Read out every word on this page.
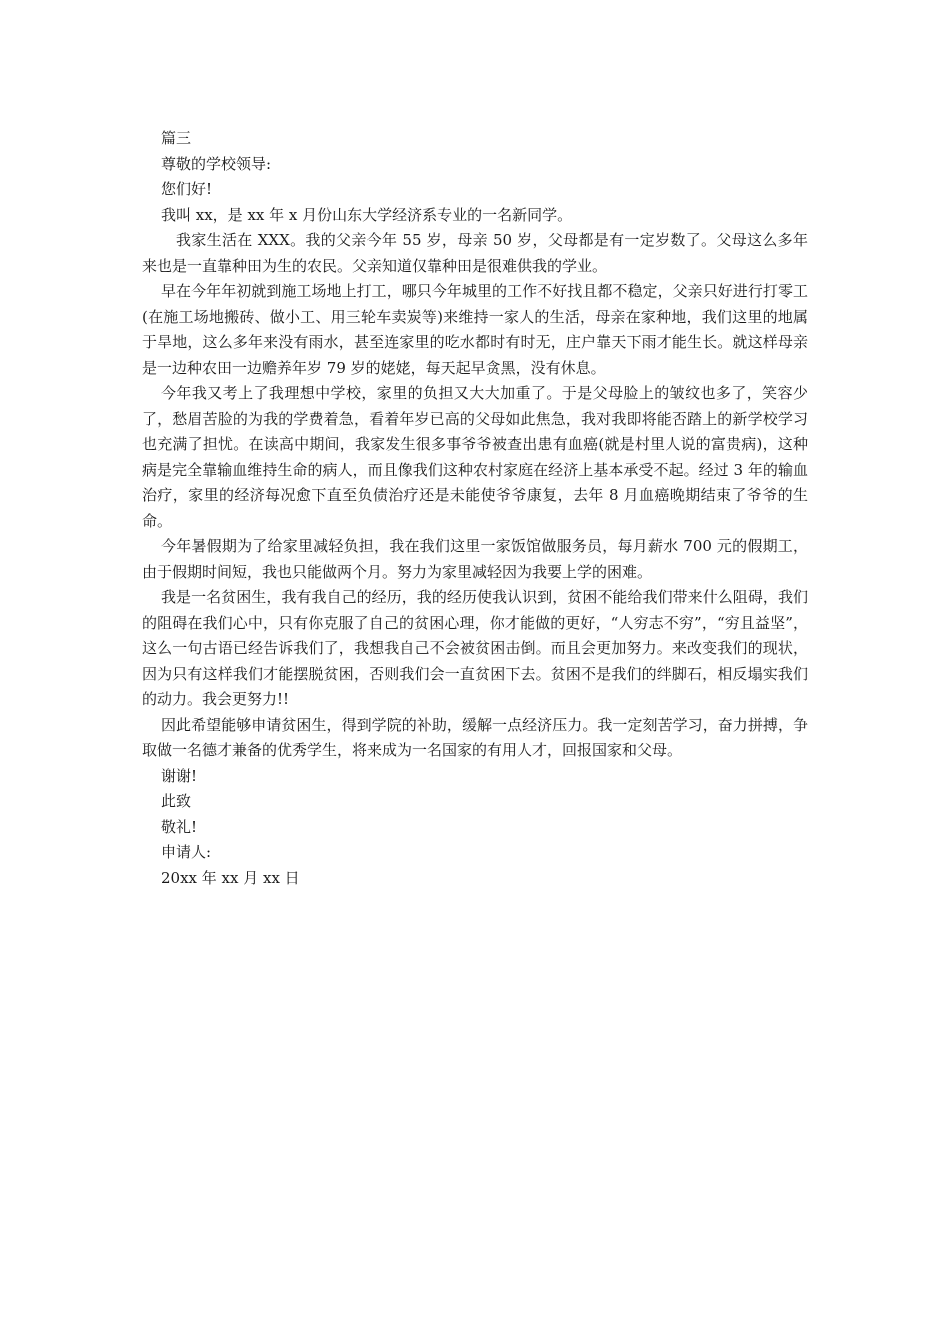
篇三

尊敬的学校领导:

您们好!

我叫 xx，是 xx 年 x 月份山东大学经济系专业的一名新同学。

我家生活在 XXX。我的父亲今年 55 岁，母亲 50 岁，父母都是有一定岁数了。父母这么多年来也是一直靠种田为生的农民。父亲知道仅靠种田是很难供我的学业。

早在今年年初就到施工场地上打工，哪只今年城里的工作不好找且都不稳定，父亲只好进行打零工(在施工场地搬砖、做小工、用三轮车卖炭等)来维持一家人的生活，母亲在家种地，我们这里的地属于旱地，这么多年来没有雨水，甚至连家里的吃水都时有时无，庄户靠天下雨才能生长。就这样母亲是一边种农田一边赡养年岁 79 岁的姥姥，每天起早贪黑，没有休息。

今年我又考上了我理想中学校，家里的负担又大大加重了。于是父母脸上的皱纹也多了，笑容少了，愁眉苦脸的为我的学费着急，看着年岁已高的父母如此焦急，我对我即将能否踏上的新学校学习也充满了担忧。在读高中期间，我家发生很多事爷爷被查出患有血癌(就是村里人说的富贵病)，这种病是完全靠输血维持生命的病人，而且像我们这种农村家庭在经济上基本承受不起。经过 3 年的输血治疗，家里的经济每况愈下直至负债治疗还是未能使爷爷康复，去年 8 月血癌晚期结束了爷爷的生命。

今年暑假期为了给家里减轻负担，我在我们这里一家饭馆做服务员，每月薪水 700 元的假期工，由于假期时间短，我也只能做两个月。努力为家里减轻因为我要上学的困难。

我是一名贫困生，我有我自己的经历，我的经历使我认识到，贫困不能给我们带来什么阻碍，我们的阻碍在我们心中，只有你克服了自己的贫困心理，你才能做的更好，“人穷志不穷”，“穷且益坚”，这么一句古语已经告诉我们了，我想我自己不会被贫困击倒。而且会更加努力。来改变我们的现状，因为只有这样我们才能摆脱贫困，否则我们会一直贫困下去。贫困不是我们的绊脚石，相反塌实我们的动力。我会更努力!!

因此希望能够申请贫困生，得到学院的补助，缓解一点经济压力。我一定刻苦学习，奋力拼搏，争取做一名德才兼备的优秀学生，将来成为一名国家的有用人才，回报国家和父母。

谢谢!

此致

敬礼!

申请人:

20xx 年 xx 月 xx 日
